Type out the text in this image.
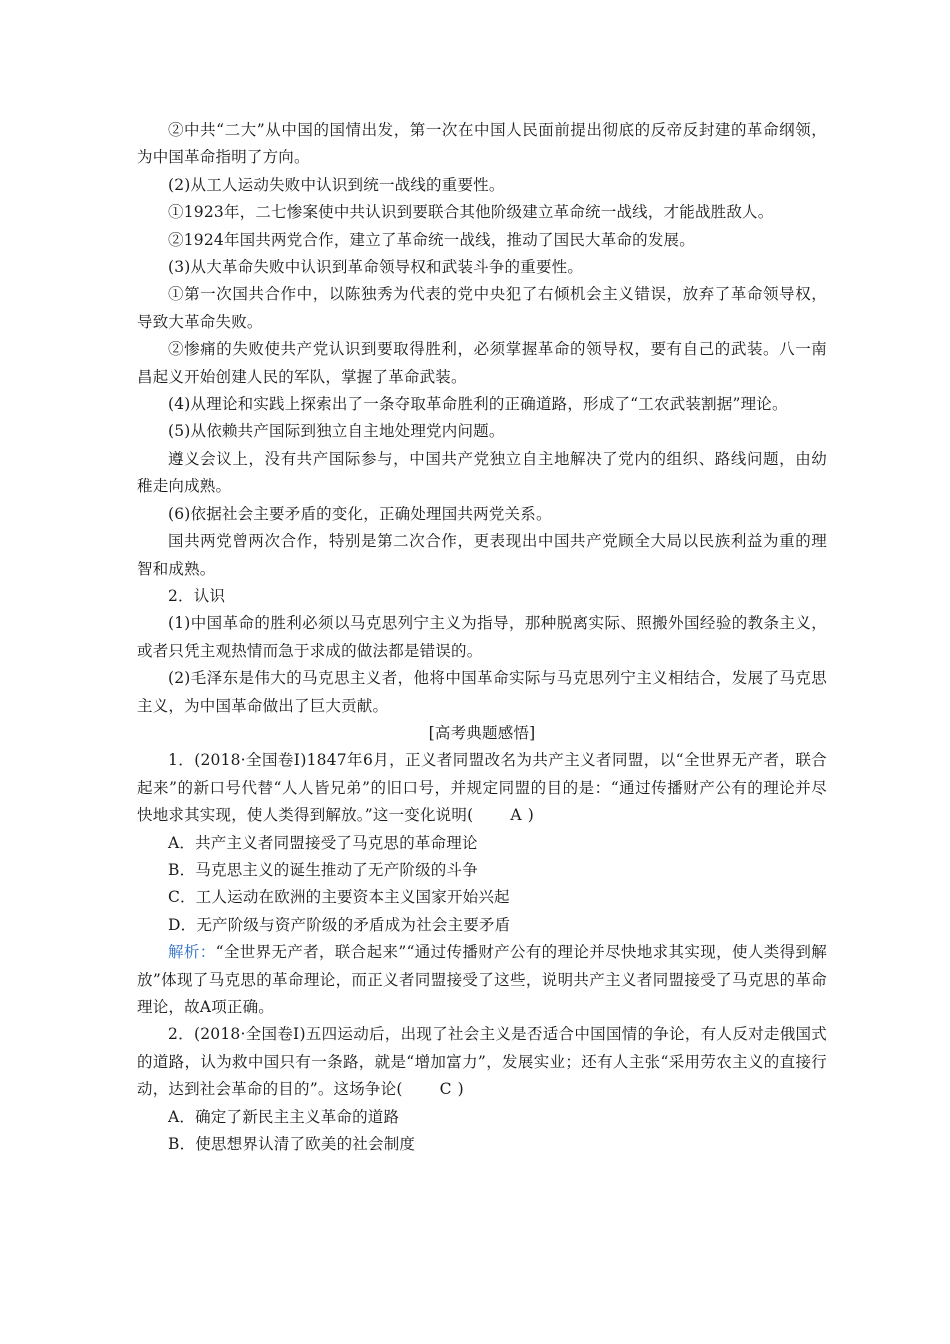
②中共“二大”从中国的国情出发，第一次在中国人民面前提出彻底的反帝反封建的革命纲领，为中国革命指明了方向。

(2)从工人运动失败中认识到统一战线的重要性。

①1923年，二七惨案使中共认识到要联合其他阶级建立革命统一战线，才能战胜敌人。

②1924年国共两党合作，建立了革命统一战线，推动了国民大革命的发展。

(3)从大革命失败中认识到革命领导权和武装斗争的重要性。

①第一次国共合作中，以陈独秀为代表的党中央犯了右倾机会主义错误，放弃了革命领导权，导致大革命失败。

②惨痛的失败使共产党认识到要取得胜利，必须掌握革命的领导权，要有自己的武装。八一南昌起义开始创建人民的军队，掌握了革命武装。

(4)从理论和实践上探索出了一条夺取革命胜利的正确道路，形成了“工农武装割据”理论。

(5)从依赖共产国际到独立自主地处理党内问题。

遵义会议上，没有共产国际参与，中国共产党独立自主地解决了党内的组织、路线问题，由幼稚走向成熟。

(6)依据社会主要矛盾的变化，正确处理国共两党关系。

国共两党曾两次合作，特别是第二次合作，更表现出中国共产党顾全大局以民族利益为重的理智和成熟。

2．认识

(1)中国革命的胜利必须以马克思列宁主义为指导，那种脱离实际、照搬外国经验的教条主义，或者只凭主观热情而急于求成的做法都是错误的。

(2)毛泽东是伟大的马克思主义者，他将中国革命实际与马克思列宁主义相结合，发展了马克思主义，为中国革命做出了巨大贡献。

[高考典题感悟]

1．(2018·全国卷Ⅰ)1847年6月，正义者同盟改名为共产主义者同盟，以“全世界无产者，联合起来”的新口号代替“人人皆兄弟”的旧口号，并规定同盟的目的是：“通过传播财产公有的理论并尽快地求其实现，使人类得到解放。”这一变化说明( A )

A．共产主义者同盟接受了马克思的革命理论

B．马克思主义的诞生推动了无产阶级的斗争

C．工人运动在欧洲的主要资本主义国家开始兴起

D．无产阶级与资产阶级的矛盾成为社会主要矛盾

解析：“全世界无产者，联合起来”“通过传播财产公有的理论并尽快地求其实现，使人类得到解放”体现了马克思的革命理论，而正义者同盟接受了这些，说明共产主义者同盟接受了马克思的革命理论，故A项正确。

2．(2018·全国卷Ⅰ)五四运动后，出现了社会主义是否适合中国国情的争论，有人反对走俄国式的道路，认为救中国只有一条路，就是“增加富力”，发展实业；还有人主张“采用劳农主义的直接行动，达到社会革命的目的”。这场争论( C )

A．确定了新民主主义革命的道路

B．使思想界认清了欧美的社会制度
